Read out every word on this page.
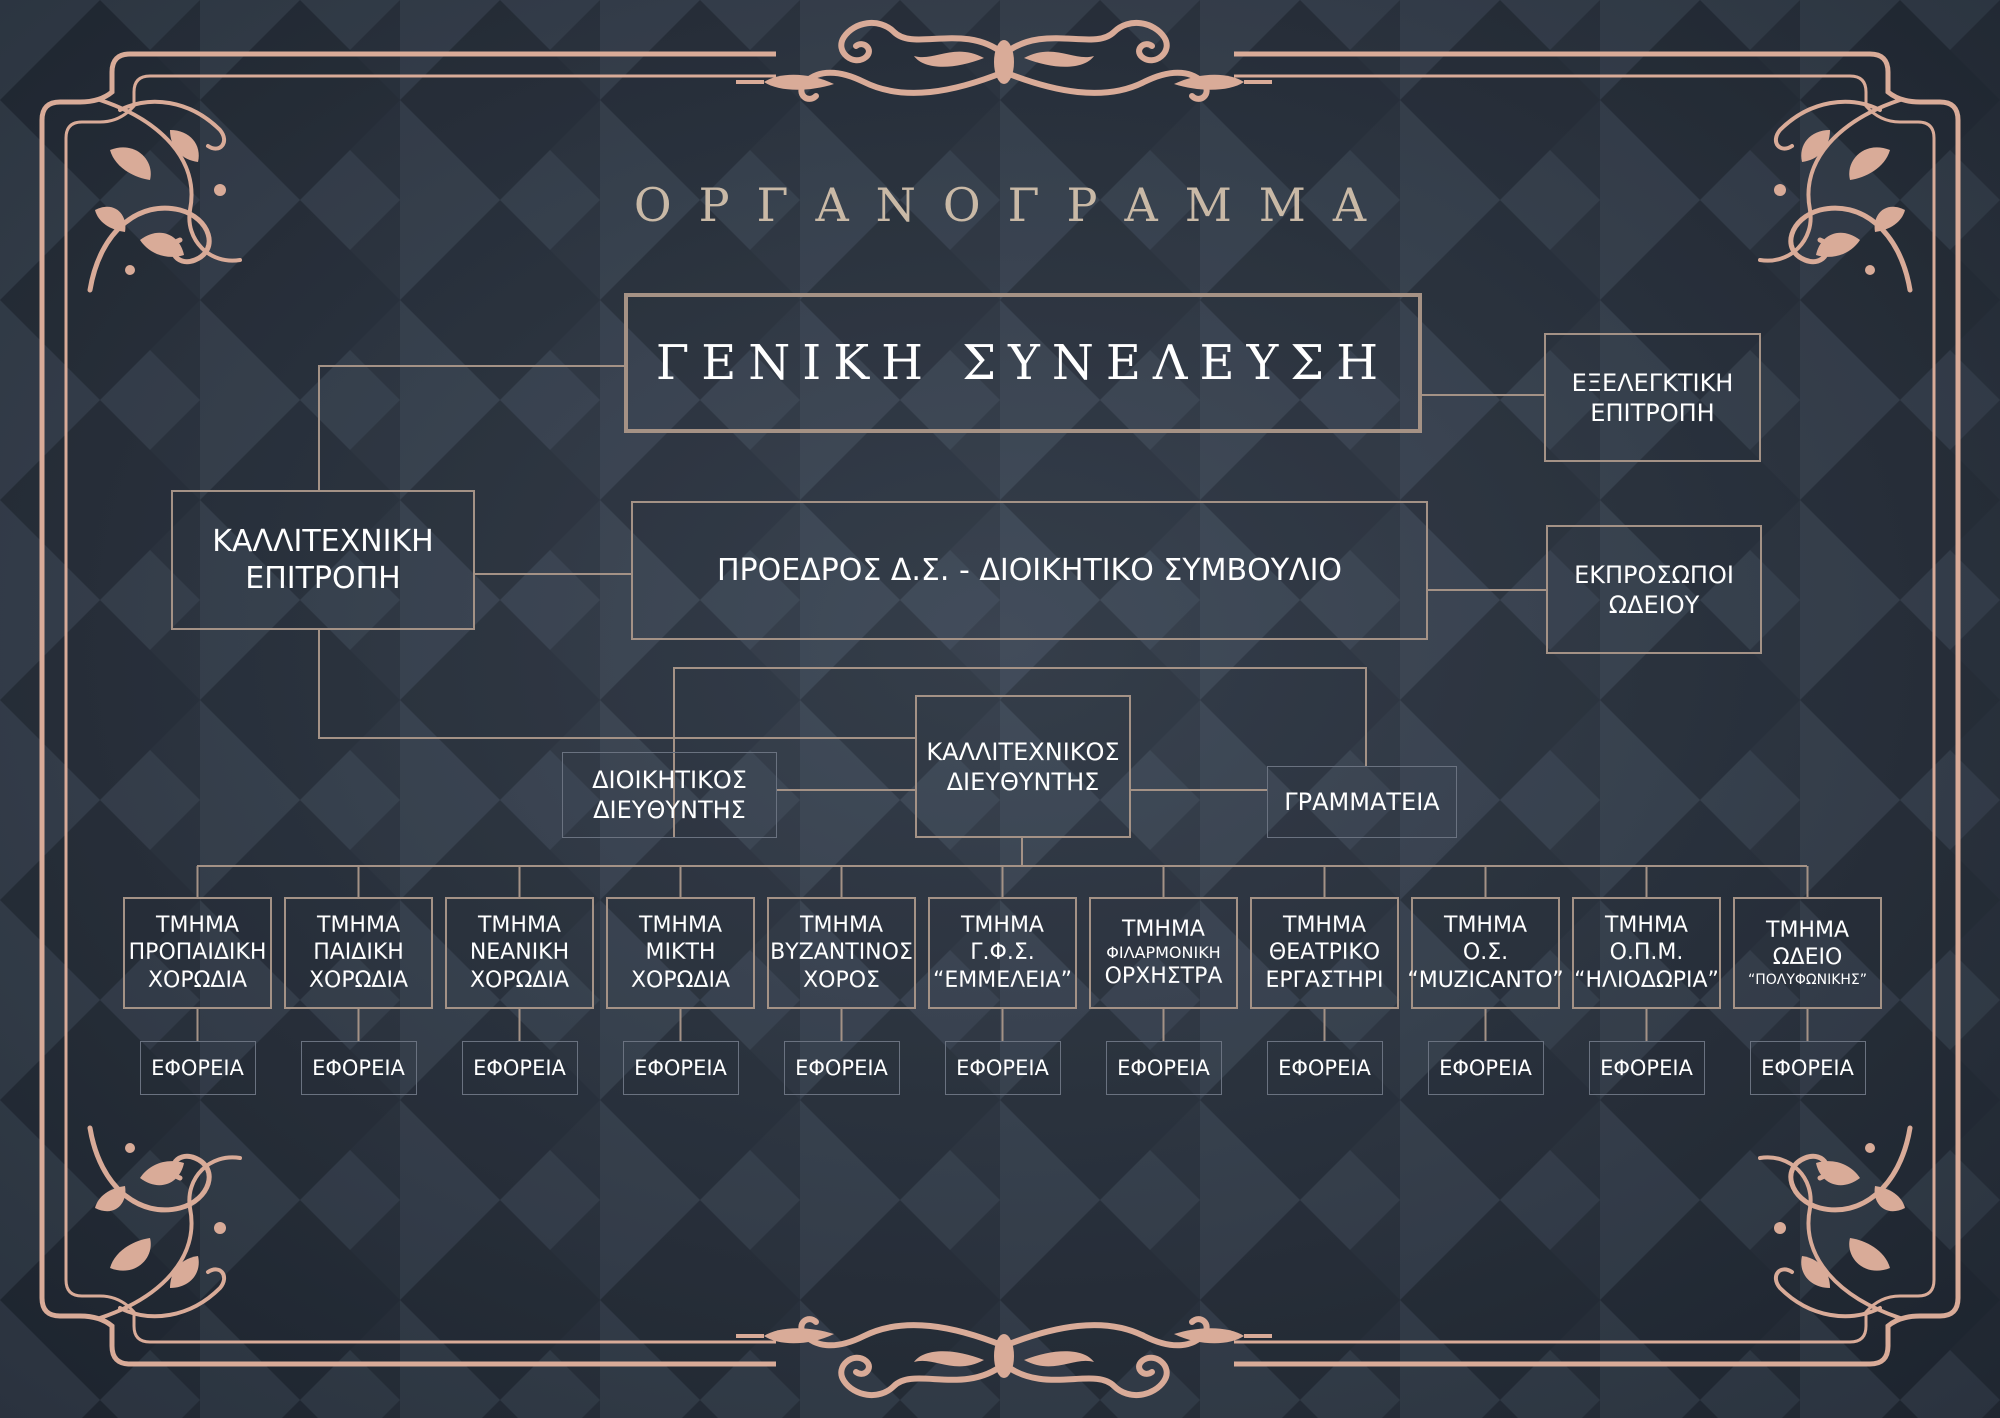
ΟΡΓΑΝΟΓΡΑΜΜΑ
ΓΕΝΙΚΗ ΣΥΝΕΛΕΥΣΗ	ΕΞΕΛΕΓΚΤΙΚΗ
ΕΠΙΤΡΟΠΗ
ΚΑΛΛΙΤΕΧΝΙΚΗ
ΕΠΙΤΡΟΠΗ	ΠΡΟΕΔΡΟΣ Δ.Σ. - ΔΙΟΙΚΗΤΙΚΟ ΣΥΜΒΟΥΛΙΟ	ΕΚΠΡΟΣΩΠΟΙ
ΩΔΕΙΟΥ
ΚΑΛΛΙΤΕΧΝΙΚΟΣ
ΔΙΕΥΘΥΝΤΗΣ
ΔΙΟΙΚΗΤΙΚΟΣ
ΔΙΕΥΘΥΝΤΗΣ	ΓΡΑΜΜΑΤΕΙΑ
ΤΜΗΜΑ
ΠΡΟΠΑΙΔΙΚΗ
ΧΟΡΩΔΙΑ
ΕΦΟΡΕΙΑ
ΤΜΗΜΑ
ΠΑΙΔΙΚΗ
ΧΟΡΩΔΙΑ
ΕΦΟΡΕΙΑ
ΤΜΗΜΑ
ΝΕΑΝΙΚΗ
ΧΟΡΩΔΙΑ
ΕΦΟΡΕΙΑ
ΤΜΗΜΑ
ΜΙΚΤΗ
ΧΟΡΩΔΙΑ
ΕΦΟΡΕΙΑ
ΤΜΗΜΑ
ΒΥΖΑΝΤΙΝΟΣ
ΧΟΡΟΣ
ΕΦΟΡΕΙΑ
ΤΜΗΜΑ
Γ.Φ.Σ.
“ΕΜΜΕΛΕΙΑ”
ΕΦΟΡΕΙΑ
ΤΜΗΜΑ
ΦΙΛΑΡΜΟΝΙΚΗ
ΟΡΧΗΣΤΡΑ
ΕΦΟΡΕΙΑ
ΤΜΗΜΑ
ΘΕΑΤΡΙΚΟ
ΕΡΓΑΣΤΗΡΙ
ΕΦΟΡΕΙΑ
ΤΜΗΜΑ
Ο.Σ.
“MUZICANTO”
ΕΦΟΡΕΙΑ
ΤΜΗΜΑ
Ο.Π.Μ.
“ΗΛΙΟΔΩΡΙΑ”
ΕΦΟΡΕΙΑ
ΤΜΗΜΑ
ΩΔΕΙΟ
“ΠΟΛΥΦΩΝΙΚΗΣ”
ΕΦΟΡΕΙΑ
